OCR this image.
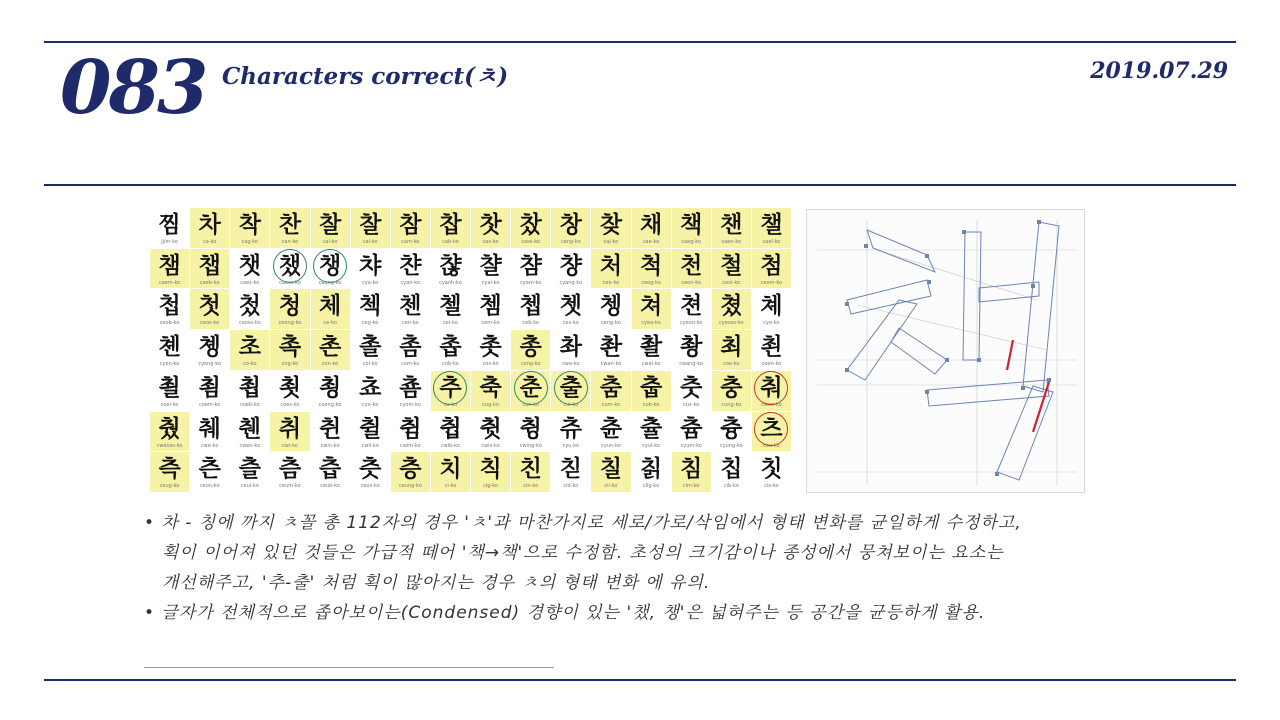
083 Characters correct(ㅊ)	2019.07.29
찜
jjim-ko
차
ca-ko
착
cag-ko
찬
can-ko
찰
cal-ko
찰
cal-ko
참
cam-ko
찹
cab-ko
찻
cas-ko
찼
cass-ko
창
cang-ko
찾
caj-ko
채
cae-ko
책
caeg-ko
챈
caen-ko
챌
cael-ko
챔
caem-ko
챕
caeb-ko
챗
caes-ko
챘
caess-ko
챙
caeng-ko
챠
cya-ko
챤
cyan-ko
챦
cyanh-ko
챨
cyal-ko
챰
cyam-ko
챵
cyang-ko
처
ceo-ko
척
ceog-ko
천
ceon-ko
철
ceol-ko
첨
ceom-ko
첩
ceob-ko
첫
ceos-ko
첬
ceoss-ko
청
ceong-ko
체
ce-ko
첵
ceg-ko
첸
cen-ko
첼
cel-ko
쳄
cem-ko
쳅
ceb-ko
쳇
ces-ko
쳉
ceng-ko
쳐
cyeo-ko
쳔
cyeon-ko
쳤
cyeoss-ko
쳬
cye-ko
쳰
cyen-ko
촁
cyeng-ko
초
co-ko
촉
cog-ko
촌
con-ko
촐
col-ko
촘
com-ko
촙
cob-ko
촛
cos-ko
총
cong-ko
촤
cwa-ko
촨
cwan-ko
촬
cwal-ko
촹
cwang-ko
최
coe-ko
쵠
coen-ko
쵤
coel-ko
쵬
coem-ko
쵭
coeb-ko
쵯
coes-ko
쵱
coeng-ko
쵸
cyo-ko
춈
cyom-ko
추
cu-ko
축
cug-ko
춘
cun-ko
출
cul-ko
춤
cum-ko
춥
cub-ko
춧
cus-ko
충
cung-ko
춰
cweo-ko
췄
cweoss-ko
췌
cwe-ko
췐
cwen-ko
취
cwi-ko
췬
cwin-ko
췰
cwil-ko
췸
cwim-ko
췹
cwib-ko
췻
cwis-ko
췽
cwing-ko
츄
cyu-ko
츈
cyun-ko
츌
cyul-ko
츔
cyum-ko
츙
cyung-ko
츠
ceu-ko
측
ceug-ko
츤
ceun-ko
츨
ceul-ko
츰
ceum-ko
츱
ceub-ko
츳
ceus-ko
층
ceung-ko
치
ci-ko
칙
cig-ko
친
cin-ko
칟
cid-ko
칠
cil-ko
칡
cilg-ko
침
cim-ko
칩
cib-ko
칫
cis-ko
• 차 - 칭에 까지 ㅊ꼴 총 112자의 경우 'ㅊ'과 마찬가지로 세로/가로/삭임에서 형태 변화를 균일하게 수정하고,
획이 이어져 있던 것들은 가급적 떼어 '책→책'으로 수정함. 초성의 크기감이나 종성에서 뭉쳐보이는 요소는
개선해주고, '추-출' 처럼 획이 많아지는 경우 ㅊ의 형태 변화 에 유의.
• 글자가 전체적으로 좁아보이는(Condensed) 경향이 있는 '챘, 챙'은 넓혀주는 등 공간을 균등하게 활용.
